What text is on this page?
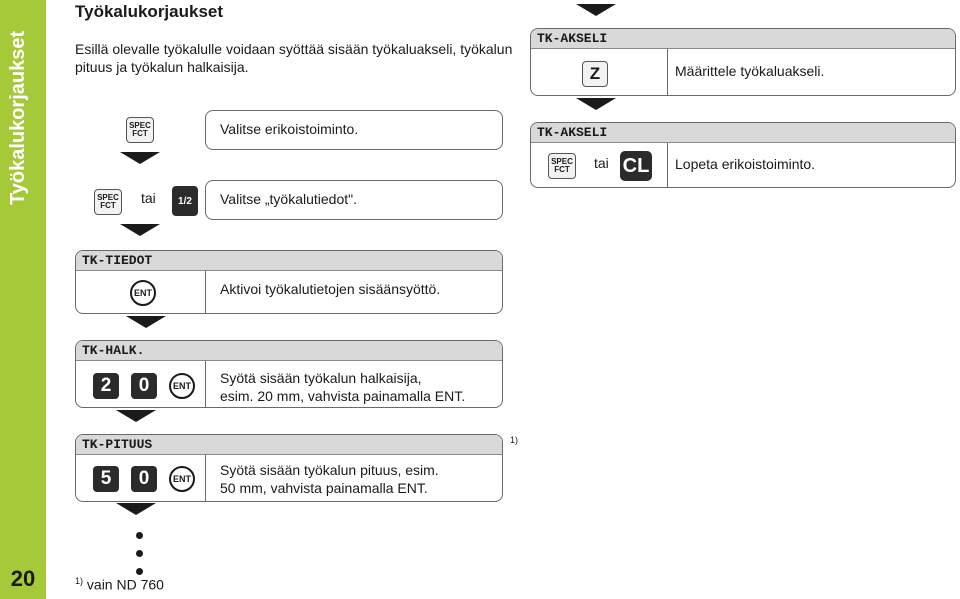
Työkalukorjaukset
20
Työkalukorjaukset
Esillä olevalle työkalulle voidaan syöttää sisään työkaluakseli, työkalun pituus ja työkalun halkaisija.
SPEC
FCT	Valitse erikoistoiminto.
SPEC
FCT tai 1/2 Valitse „työkalutiedot".
TK-TIEDOT
Aktivoi työkalutietojen sisäänsyöttö.
ENT
TK-HALK.
Syötä sisään työkalun halkaisija,
esim. 20 mm, vahvista painamalla ENT.
2 0	ENT
TK-PITUUS
Syötä sisään työkalun pituus, esim.
50 mm, vahvista painamalla ENT.
$^{1)}$
5 0	ENT
TK-AKSELI
Määrittele työkaluakseli.
Z
TK-AKSELI
Lopeta erikoistoiminto.
SPEC
FCT tai CL
$^{1)}$ vain ND 760
